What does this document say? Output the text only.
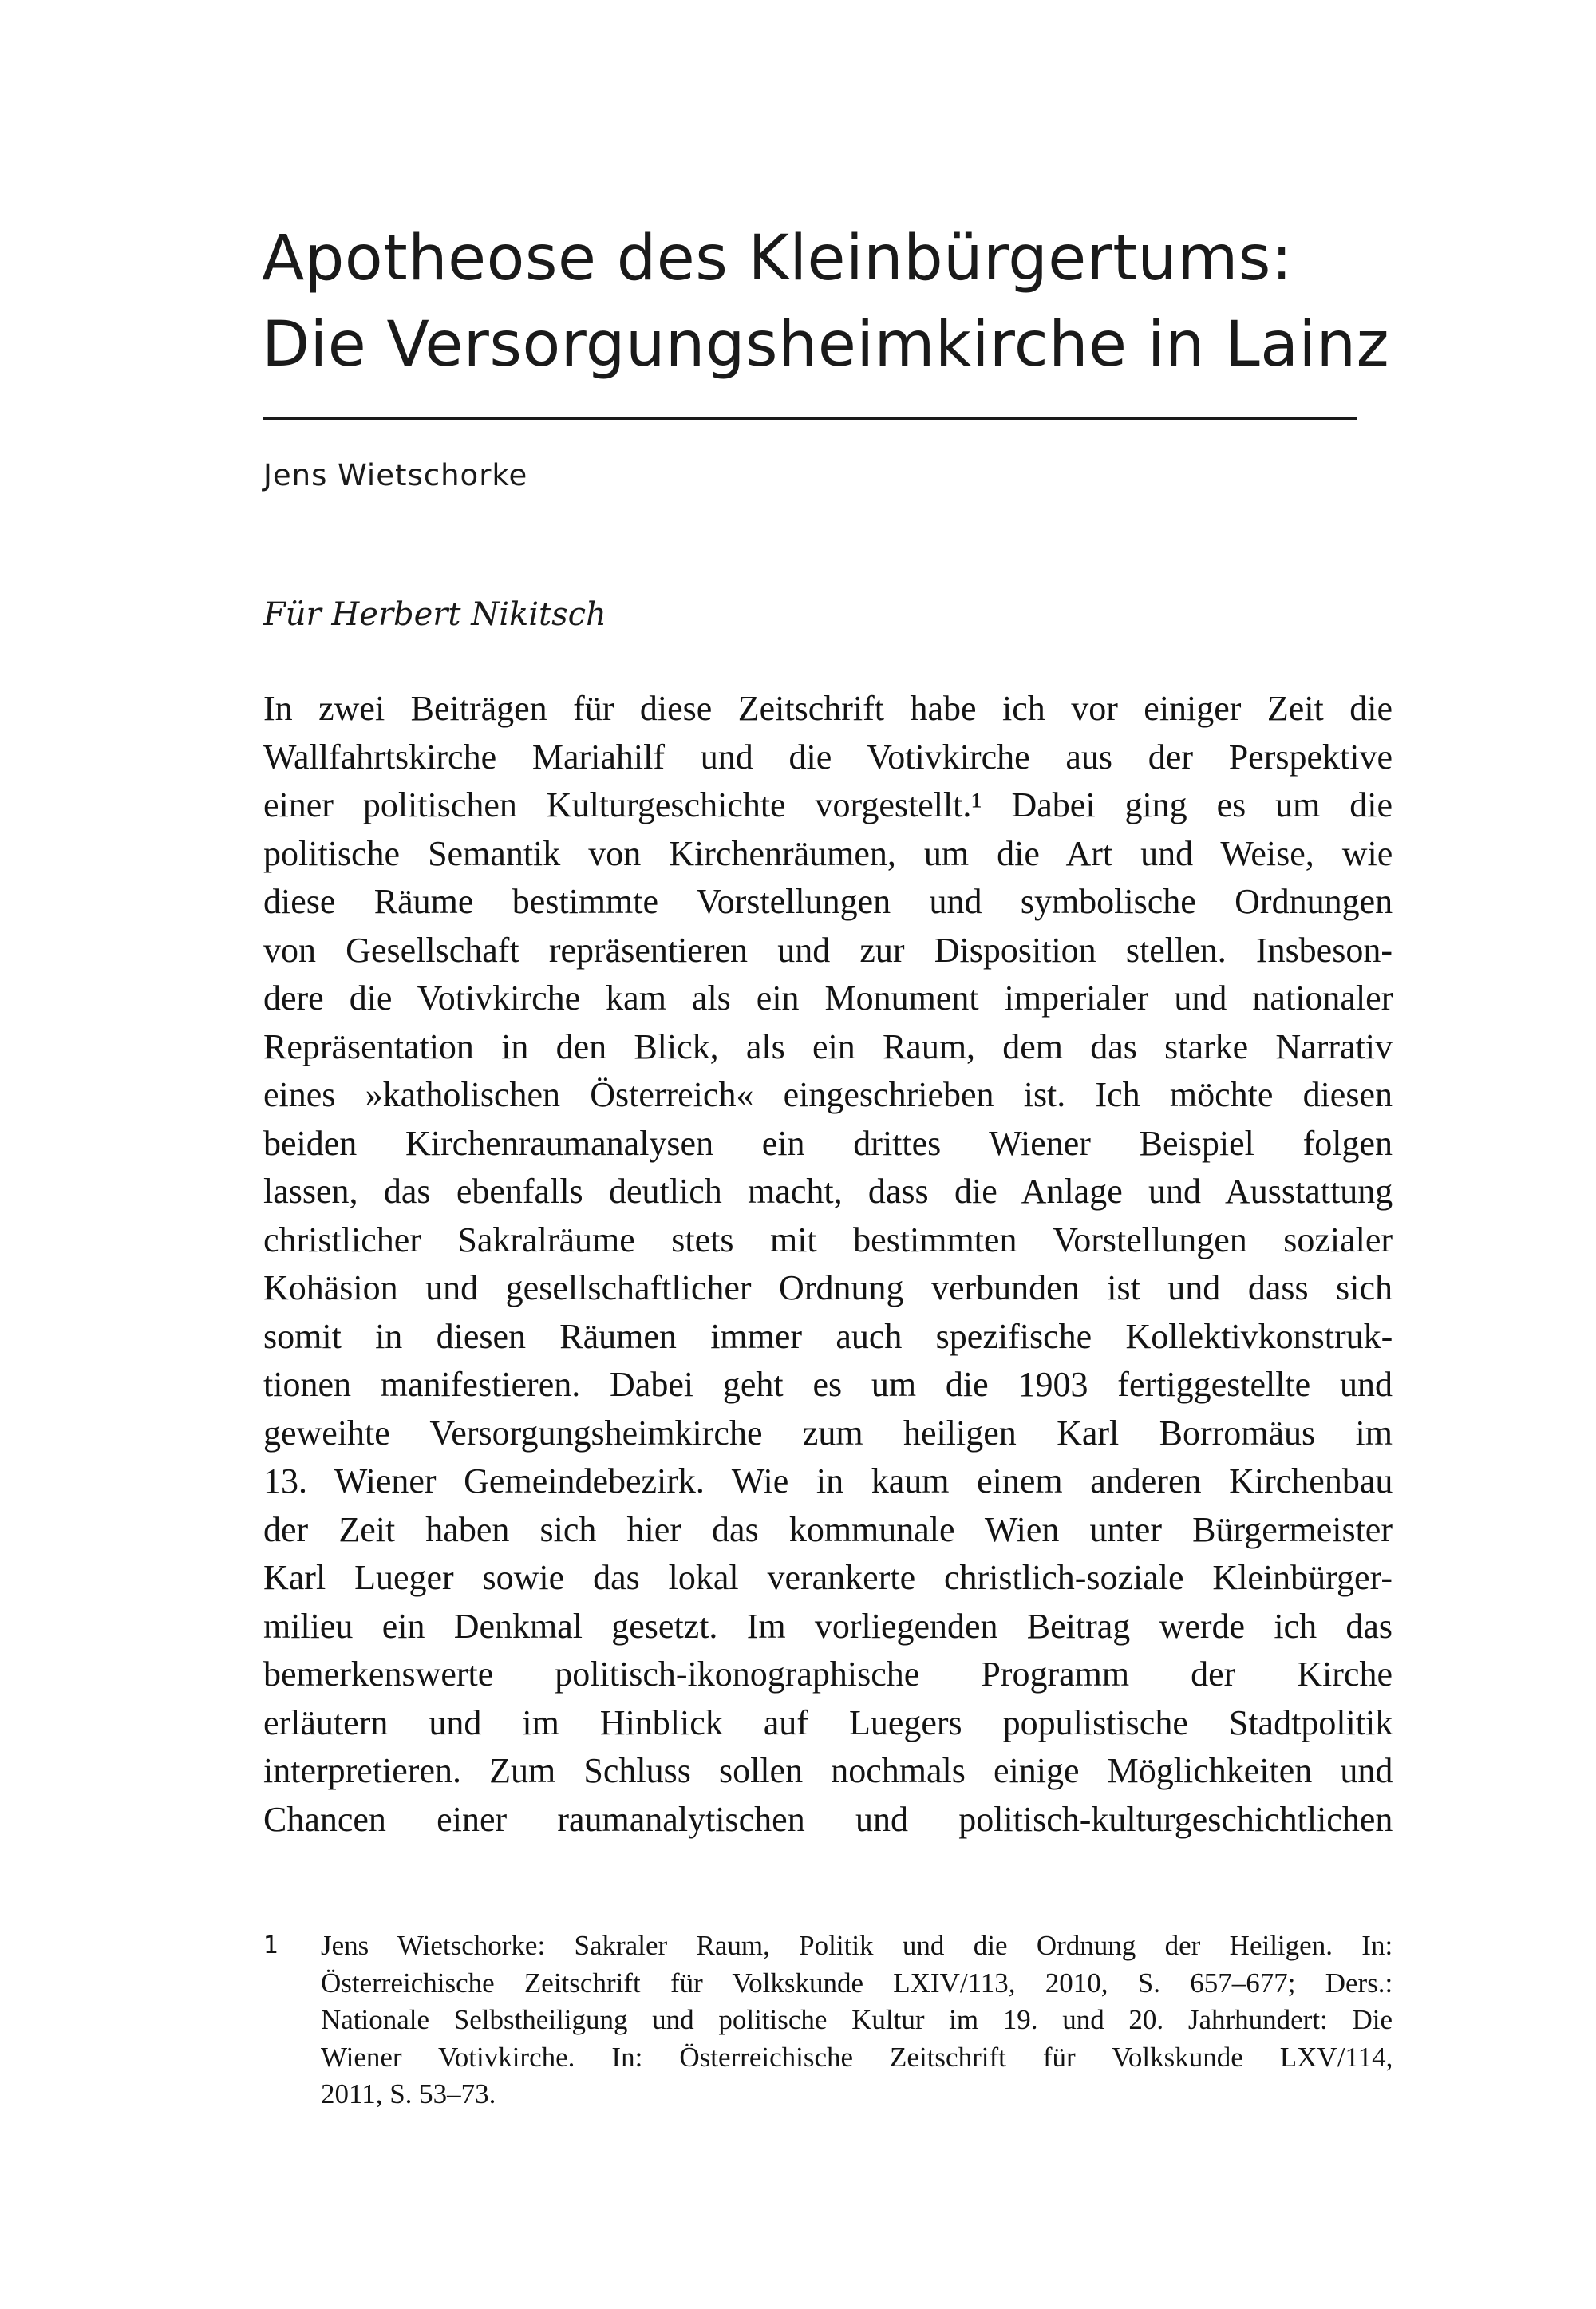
Apotheose des Kleinbürgertums:
Die Versorgungsheimkirche in Lainz
Jens Wietschorke
Für Herbert Nikitsch
In zwei Beiträgen für diese Zeitschrift habe ich vor einiger Zeit die
Wallfahrtskirche Mariahilf und die Votivkirche aus der Perspektive
einer politischen Kulturgeschichte vorgestellt.¹ Dabei ging es um die
politische Semantik von Kirchenräumen, um die Art und Weise, wie
diese Räume bestimmte Vorstellungen und symbolische Ordnungen
von Gesellschaft repräsentieren und zur Disposition stellen. Insbeson-
dere die Votivkirche kam als ein Monument imperialer und nationaler
Repräsentation in den Blick, als ein Raum, dem das starke Narrativ
eines »katholischen Österreich« eingeschrieben ist. Ich möchte diesen
beiden Kirchenraumanalysen ein drittes Wiener Beispiel folgen
lassen, das ebenfalls deutlich macht, dass die Anlage und Ausstattung
christlicher Sakralräume stets mit bestimmten Vorstellungen sozialer
Kohäsion und gesellschaftlicher Ordnung verbunden ist und dass sich
somit in diesen Räumen immer auch spezifische Kollektivkonstruk-
tionen manifestieren. Dabei geht es um die 1903 fertiggestellte und
geweihte Versorgungsheimkirche zum heiligen Karl Borromäus im
13. Wiener Gemeindebezirk. Wie in kaum einem anderen Kirchenbau
der Zeit haben sich hier das kommunale Wien unter Bürgermeister
Karl Lueger sowie das lokal verankerte christlich-soziale Kleinbürger-
milieu ein Denkmal gesetzt. Im vorliegenden Beitrag werde ich das
bemerkenswerte politisch-ikonographische Programm der Kirche
erläutern und im Hinblick auf Luegers populistische Stadtpolitik
interpretieren. Zum Schluss sollen nochmals einige Möglichkeiten und
Chancen einer raumanalytischen und politisch-kulturgeschichtlichen
1 Jens Wietschorke: Sakraler Raum, Politik und die Ordnung der Heiligen. In:
Österreichische Zeitschrift für Volkskunde LXIV/113, 2010, S. 657–677; Ders.:
Nationale Selbstheiligung und politische Kultur im 19. und 20. Jahrhundert: Die
Wiener Votivkirche. In: Österreichische Zeitschrift für Volkskunde LXV/114,
2011, S. 53–73.
